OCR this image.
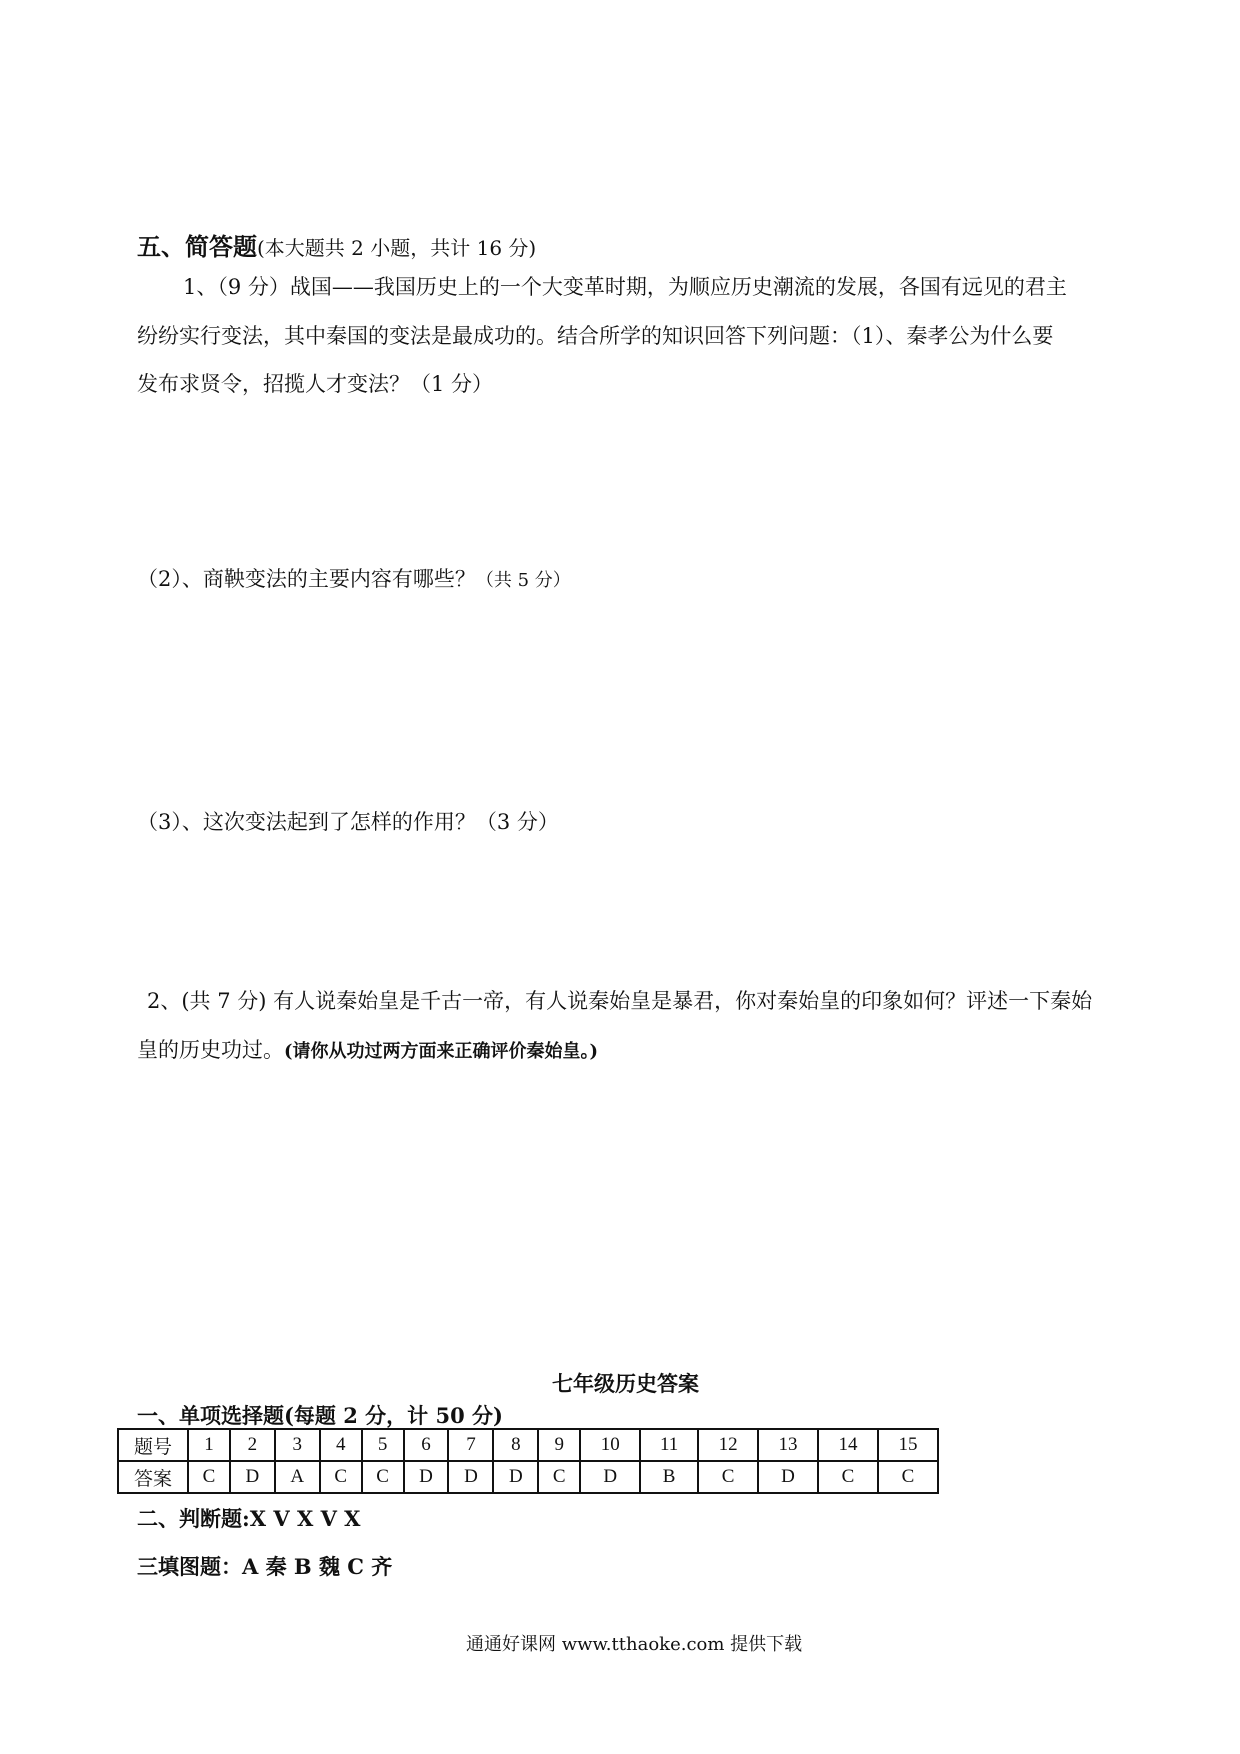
五、简答题(本大题共 2 小题，共计 16 分)
1、（9 分）战国——我国历史上的一个大变革时期，为顺应历史潮流的发展，各国有远见的君主
纷纷实行变法，其中秦国的变法是最成功的。结合所学的知识回答下列问题：（1）、秦孝公为什么要
发布求贤令，招揽人才变法？（1 分）
（2）、商鞅变法的主要内容有哪些？（共 5 分）
（3）、这次变法起到了怎样的作用？（3 分）
2、(共 7 分) 有人说秦始皇是千古一帝，有人说秦始皇是暴君，你对秦始皇的印象如何？评述一下秦始
皇的历史功过。(请你从功过两方面来正确评价秦始皇。)
七年级历史答案
一、单项选择题(每题 2 分，计 50 分)
题号	1	2	3	4	5	6	7	8	9	10	11	12	13	14	15
答案	C	D	A	C	C	D	D	D	C	D	B	C	D	C	C
二、判断题:X V X V X
三填图题：A 秦 B 魏 C 齐
通通好课网 www.tthaoke.com 提供下载
